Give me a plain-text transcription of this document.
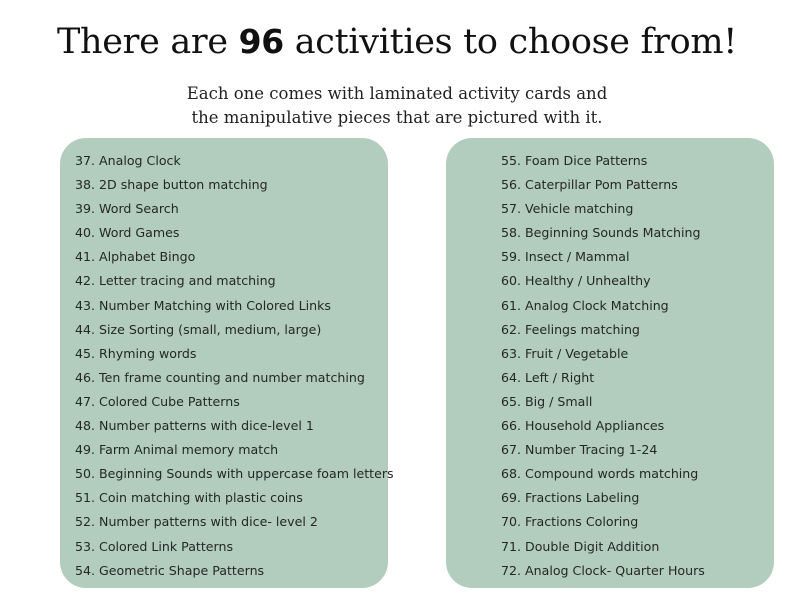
There are 96 activities to choose from!
Each one comes with laminated activity cards and
the manipulative pieces that are pictured with it.
37. Analog Clock
38. 2D shape button matching
39. Word Search
40. Word Games
41. Alphabet Bingo
42. Letter tracing and matching
43. Number Matching with Colored Links
44. Size Sorting (small, medium, large)
45. Rhyming words
46. Ten frame counting and number matching
47. Colored Cube Patterns
48. Number patterns with dice-level 1
49. Farm Animal memory match
50. Beginning Sounds with uppercase foam letters
51. Coin matching with plastic coins
52. Number patterns with dice- level 2
53. Colored Link Patterns
54. Geometric Shape Patterns
55. Foam Dice Patterns
56. Caterpillar Pom Patterns
57. Vehicle matching
58. Beginning Sounds Matching
59. Insect / Mammal
60. Healthy / Unhealthy
61. Analog Clock Matching
62. Feelings matching
63. Fruit / Vegetable
64. Left / Right
65. Big / Small
66. Household Appliances
67. Number Tracing 1-24
68. Compound words matching
69. Fractions Labeling
70. Fractions Coloring
71. Double Digit Addition
72. Analog Clock- Quarter Hours
